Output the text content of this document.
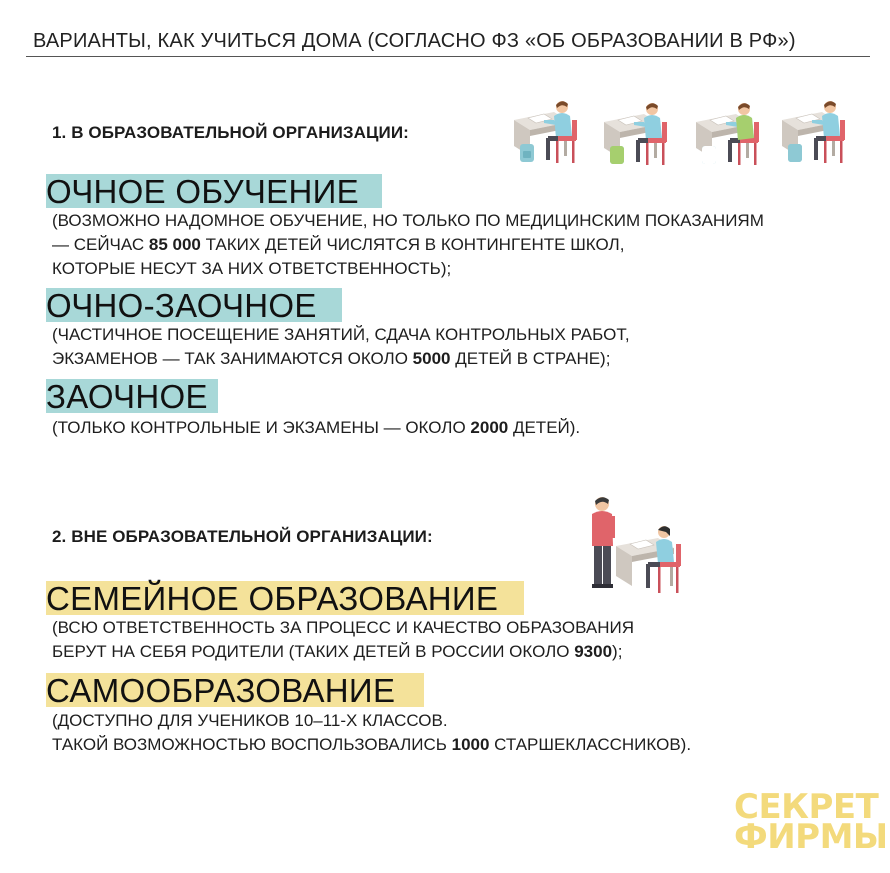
ВАРИАНТЫ, КАК УЧИТЬСЯ ДОМА (СОГЛАСНО ФЗ «ОБ ОБРАЗОВАНИИ В РФ»)
1. В ОБРАЗОВАТЕЛЬНОЙ ОРГАНИЗАЦИИ:
ОЧНОЕ ОБУЧЕНИЕ
(ВОЗМОЖНО НАДОМНОЕ ОБУЧЕНИЕ, НО ТОЛЬКО ПО МЕДИЦИНСКИМ ПОКАЗАНИЯМ
— СЕЙЧАС 85 000 ТАКИХ ДЕТЕЙ ЧИСЛЯТСЯ В КОНТИНГЕНТЕ ШКОЛ,
КОТОРЫЕ НЕСУТ ЗА НИХ ОТВЕТСТВЕННОСТЬ);
ОЧНО-ЗАОЧНОЕ
(ЧАСТИЧНОЕ ПОСЕЩЕНИЕ ЗАНЯТИЙ, СДАЧА КОНТРОЛЬНЫХ РАБОТ,
ЭКЗАМЕНОВ — ТАК ЗАНИМАЮТСЯ ОКОЛО 5000 ДЕТЕЙ В СТРАНЕ);
ЗАОЧНОЕ
(ТОЛЬКО КОНТРОЛЬНЫЕ И ЭКЗАМЕНЫ — ОКОЛО 2000 ДЕТЕЙ).
2. ВНЕ ОБРАЗОВАТЕЛЬНОЙ ОРГАНИЗАЦИИ:
СЕМЕЙНОЕ ОБРАЗОВАНИЕ
(ВСЮ ОТВЕТСТВЕННОСТЬ ЗА ПРОЦЕСС И КАЧЕСТВО ОБРАЗОВАНИЯ
БЕРУТ НА СЕБЯ РОДИТЕЛИ (ТАКИХ ДЕТЕЙ В РОССИИ ОКОЛО 9300);
САМООБРАЗОВАНИЕ
(ДОСТУПНО ДЛЯ УЧЕНИКОВ 10–11-Х КЛАССОВ.
ТАКОЙ ВОЗМОЖНОСТЬЮ ВОСПОЛЬЗОВАЛИСЬ 1000 СТАРШЕКЛАССНИКОВ).
СЕКРЕТ
ФИРМЫ
